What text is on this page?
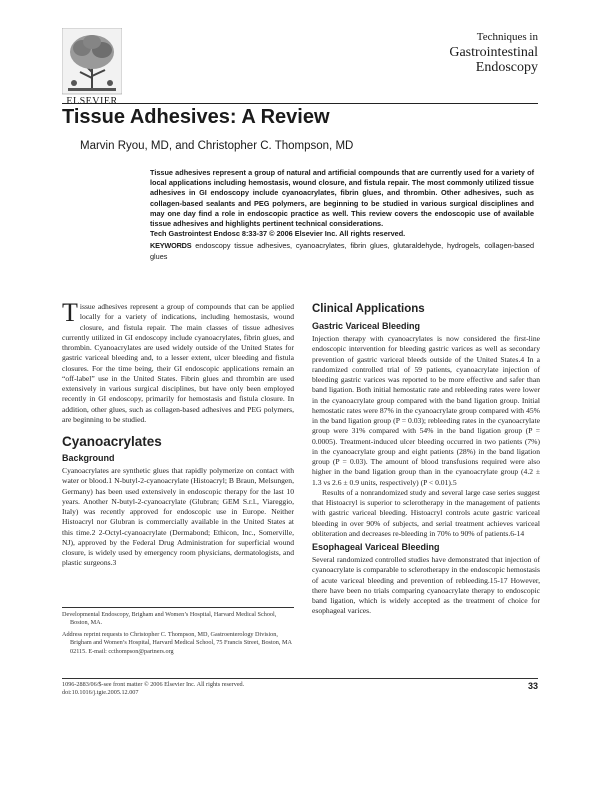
ELSEVIER
Techniques in
Gastrointestinal
Endoscopy
Tissue Adhesives: A Review
Marvin Ryou, MD, and Christopher C. Thompson, MD

Tissue adhesives represent a group of natural and artificial compounds that are currently used for a variety of local applications including hemostasis, wound closure, and fistula repair. The most commonly utilized tissue adhesives in GI endoscopy include cyanoacrylates, fibrin glues, and thrombin. Other adhesives, such as collagen-based sealants and PEG polymers, are beginning to be studied in various surgical disciplines and may one day find a role in endoscopic practice as well. This review covers the endoscopic use of available tissue adhesives and highlights pertinent technical considerations.

Tech Gastrointest Endosc 8:33-37 © 2006 Elsevier Inc. All rights reserved.

KEYWORDS endoscopy tissue adhesives, cyanoacrylates, fibrin glues, glutaraldehyde, hydrogels, collagen-based glues

Tissue adhesives represent a group of compounds that can be applied locally for a variety of indications, including hemostasis, wound closure, and fistula repair. The main classes of tissue adhesives currently utilized in GI endoscopy include cyanoacrylates, fibrin glues, and thrombin. Cyanoacrylates are used widely outside of the United States for gastric variceal bleeding and, to a lesser extent, ulcer bleeding and fistula closures. For the time being, their GI endoscopic applications remain an “off-label” use in the United States. Fibrin glues and thrombin are used extensively in various surgical disciplines, but have only been employed recently in GI endoscopy, primarily for hemostasis and fistula closure. In addition, other glues, such as collagen-based adhesives and PEG polymers, are beginning to be studied.

Cyanoacrylates
Background

Cyanoacrylates are synthetic glues that rapidly polymerize on contact with water or blood.1 N-butyl-2-cyanoacrylate (Histoacryl; B Braun, Melsungen, Germany) has been used extensively in endoscopic therapy for the last 10 years. Another N-butyl-2-cyanoacrylate (Glubran; GEM S.r.l., Viareggio, Italy) was recently approved for endoscopic use in Europe. Neither Histoacryl nor Glubran is commercially available in the United States at this time.2 2-Octyl-cyanoacrylate (Dermabond; Ethicon, Inc., Somerville, NJ), approved by the Federal Drug Administration for superficial wound closure, is widely used by emergency room physicians, dermatologists, and plastic surgeons.3

Developmental Endoscopy, Brigham and Women’s Hospital, Harvard Medical School, Boston, MA.

Address reprint requests to Christopher C. Thompson, MD, Gastroenterology Division, Brigham and Women’s Hospital, Harvard Medical School, 75 Francis Street, Boston, MA 02115. E-mail: ccthompson@partners.org

Clinical Applications
Gastric Variceal Bleeding

Injection therapy with cyanoacrylates is now considered the first-line endoscopic intervention for bleeding gastric varices as well as secondary prevention of gastric variceal bleeds outside of the United States.4 In a randomized controlled trial of 59 patients, cyanoacrylate injection of bleeding gastric varices was reported to be more effective and safer than band ligation. Both initial hemostatic rate and rebleeding rates were lower in the cyanoacrylate group compared with the band ligation group. Initial hemostatic rates were 87% in the cyanoacrylate group compared with 45% in the band ligation group (P = 0.03); rebleeding rates in the cyanoacrylate group were 31% compared with 54% in the band ligation group (P = 0.0005). Treatment-induced ulcer bleeding occurred in two patients (7%) in the cyanoacrylate group and eight patients (28%) in the band ligation group (P = 0.03). The amount of blood transfusions required were also higher in the band ligation group than in the cyanoacrylate group (4.2 ± 1.3 vs 2.6 ± 0.9 units, respectively) (P < 0.01).5

Results of a nonrandomized study and several large case series suggest that Histoacryl is superior to sclerotherapy in the management of patients with gastric variceal bleeding. Histoacryl controls acute gastric variceal bleeding in over 90% of subjects, and serial treatment achieves variceal obliteration and decreases re-bleeding in 70% to 90% of patients.6-14

Esophageal Variceal Bleeding

Several randomized controlled studies have demonstrated that injection of cyanoacrylate is comparable to sclerotherapy in the endoscopic hemostasis of acute variceal bleeding and prevention of rebleeding.15-17 However, there have been no trials comparing cyanoacrylate therapy to endoscopic band ligation, which is widely accepted as the treatment of choice for esophageal varices.

1096-2883/06/$-see front matter © 2006 Elsevier Inc. All rights reserved.
doi:10.1016/j.tgie.2005.12.007
33
